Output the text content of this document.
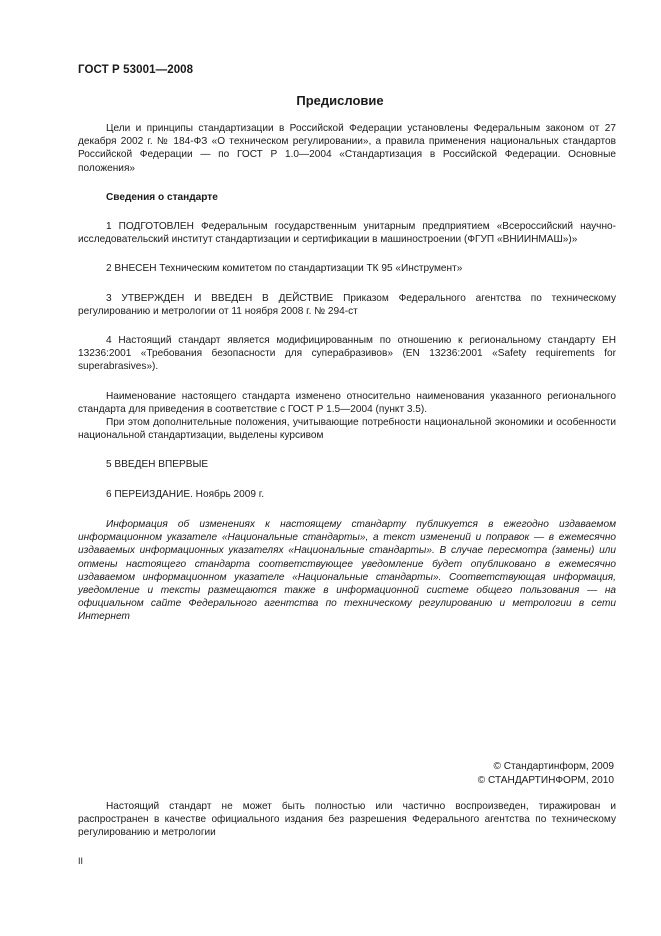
ГОСТ Р 53001—2008
Предисловие

Цели и принципы стандартизации в Российской Федерации установлены Федеральным законом от 27 декабря 2002 г. № 184-ФЗ «О техническом регулировании», а правила применения национальных стандартов Российской Федерации — по ГОСТ Р 1.0—2004 «Стандартизация в Российской Федерации. Основные положения»

Сведения о стандарте

1 ПОДГОТОВЛЕН Федеральным государственным унитарным предприятием «Всероссийский научно-исследовательский институт стандартизации и сертификации в машиностроении (ФГУП «ВНИИНМАШ»)»

2 ВНЕСЕН Техническим комитетом по стандартизации ТК 95 «Инструмент»

3 УТВЕРЖДЕН И ВВЕДЕН В ДЕЙСТВИЕ Приказом Федерального агентства по техническому регулированию и метрологии от 11 ноября 2008 г. № 294-ст

4 Настоящий стандарт является модифицированным по отношению к региональному стандарту ЕН 13236:2001 «Требования безопасности для суперабразивов» (EN 13236:2001 «Safety requirements for superabrasives»).

Наименование настоящего стандарта изменено относительно наименования указанного регионального стандарта для приведения в соответствие с ГОСТ Р 1.5—2004 (пункт 3.5).

При этом дополнительные положения, учитывающие потребности национальной экономики и особенности национальной стандартизации, выделены курсивом

5 ВВЕДЕН ВПЕРВЫЕ

6 ПЕРЕИЗДАНИЕ. Ноябрь 2009 г.

Информация об изменениях к настоящему стандарту публикуется в ежегодно издаваемом информационном указателе «Национальные стандарты», а текст изменений и поправок — в ежемесячно издаваемых информационных указателях «Национальные стандарты». В случае пересмотра (замены) или отмены настоящего стандарта соответствующее уведомление будет опубликовано в ежемесячно издаваемом информационном указателе «Национальные стандарты». Соответствующая информация, уведомление и тексты размещаются также в информационной системе общего пользования — на официальном сайте Федерального агентства по техническому регулированию и метрологии в сети Интернет

© Стандартинформ, 2009
© СТАНДАРТИНФОРМ, 2010

Настоящий стандарт не может быть полностью или частично воспроизведен, тиражирован и распространен в качестве официального издания без разрешения Федерального агентства по техническому регулированию и метрологии

II
